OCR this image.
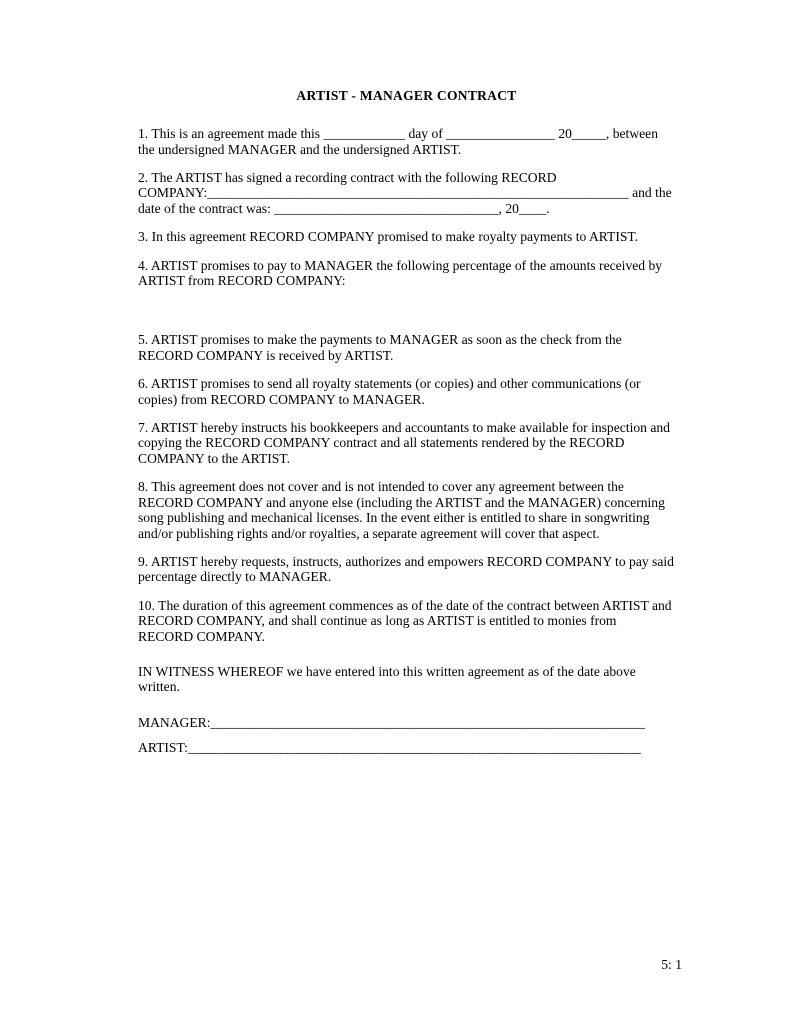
ARTIST - MANAGER CONTRACT

1. This is an agreement made this ____________ day of ________________ 20_____, between the undersigned MANAGER and the undersigned ARTIST.

2. The ARTIST has signed a recording contract with the following RECORD COMPANY:______________________________________________________________ and the date of the contract was: _________________________________, 20____.

3. In this agreement RECORD COMPANY promised to make royalty payments to ARTIST.

4. ARTIST promises to pay to MANAGER the following percentage of the amounts received by ARTIST from RECORD COMPANY:

5. ARTIST promises to make the payments to MANAGER as soon as the check from the RECORD COMPANY is received by ARTIST.

6. ARTIST promises to send all royalty statements (or copies) and other communications (or copies) from RECORD COMPANY to MANAGER.

7. ARTIST hereby instructs his bookkeepers and accountants to make available for inspection and copying the RECORD COMPANY contract and all statements rendered by the RECORD COMPANY to the ARTIST.

8. This agreement does not cover and is not intended to cover any agreement between the RECORD COMPANY and anyone else (including the ARTIST and the MANAGER) concerning song publishing and mechanical licenses. In the event either is entitled to share in songwriting and/or publishing rights and/or royalties, a separate agreement will cover that aspect.

9. ARTIST hereby requests, instructs, authorizes and empowers RECORD COMPANY to pay said percentage directly to MANAGER.

10. The duration of this agreement commences as of the date of the contract between ARTIST and RECORD COMPANY, and shall continue as long as ARTIST is entitled to monies from RECORD COMPANY.

IN WITNESS WHEREOF we have entered into this written agreement as of the date above written.

MANAGER:______________________________________________________________________

ARTIST:_________________________________________________________________________

5: 1
